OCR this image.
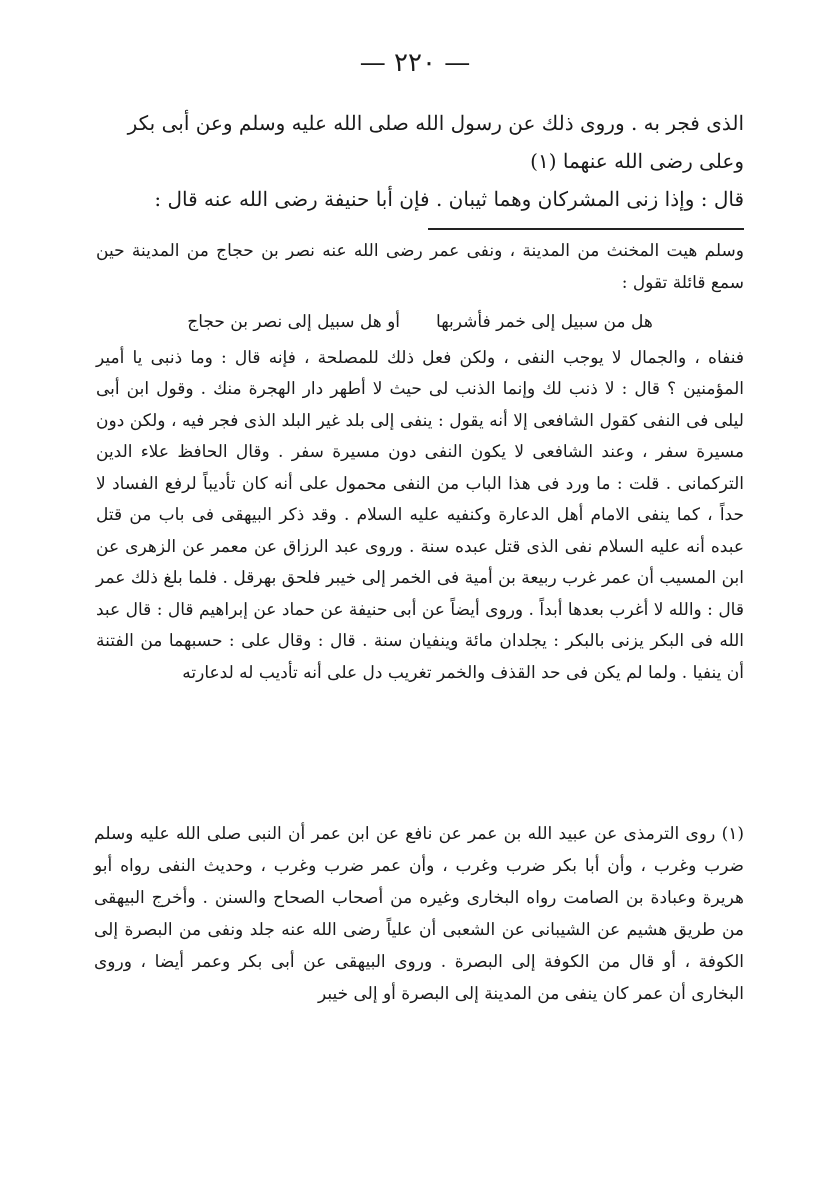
— ٢٢٠ —

الذى فجر به . وروى ذلك عن رسول الله صلى الله عليه وسلم وعن أبى بكر

وعلى رضى الله عنهما (١)

قال : وإذا زنى المشركان وهما ثيبان . فإن أبا حنيفة رضى الله عنه قال :

وسلم هيت المخنث من المدينة ، ونفى عمر رضى الله عنه نصر بن حجاج من المدينة حين سمع قائلة تقول :

هل من سبيل إلى خمر فأشربها
أو هل سبيل إلى نصر بن حجاج

فنفاه ، والجمال لا يوجب النفى ، ولكن فعل ذلك للمصلحة ، فإنه قال : وما ذنبى يا أمير المؤمنين ؟ قال : لا ذنب لك وإنما الذنب لى حيث لا أطهر دار الهجرة منك . وقول ابن أبى ليلى فى النفى كقول الشافعى إلا أنه يقول : ينفى إلى بلد غير البلد الذى فجر فيه ، ولكن دون مسيرة سفر ، وعند الشافعى لا يكون النفى دون مسيرة سفر . وقال الحافظ علاء الدين التركمانى . قلت : ما ورد فى هذا الباب من النفى محمول على أنه كان تأديباً لرفع الفساد لا حداً ، كما ينفى الامام أهل الدعارة وكنفيه عليه السلام . وقد ذكر البيهقى فى باب من قتل عبده أنه عليه السلام نفى الذى قتل عبده سنة . وروى عبد الرزاق عن معمر عن الزهرى عن ابن المسيب أن عمر غرب ربيعة بن أمية فى الخمر إلى خيبر فلحق بهرقل . فلما بلغ ذلك عمر قال : والله لا أغرب بعدها أبداً . وروى أيضاً عن أبى حنيفة عن حماد عن إبراهيم قال : قال عبد الله فى البكر يزنى بالبكر : يجلدان مائة وينفيان سنة . قال : وقال على : حسبهما من الفتنة أن ينفيا . ولما لم يكن فى حد القذف والخمر تغريب دل على أنه تأديب له لدعارته

(١) روى الترمذى عن عبيد الله بن عمر عن نافع عن ابن عمر أن النبى صلى الله عليه وسلم ضرب وغرب ، وأن أبا بكر ضرب وغرب ، وأن عمر ضرب وغرب ، وحديث النفى رواه أبو هريرة وعبادة بن الصامت رواه البخارى وغيره من أصحاب الصحاح والسنن . وأخرج البيهقى من طريق هشيم عن الشيبانى عن الشعبى أن علياً رضى الله عنه جلد ونفى من البصرة إلى الكوفة ، أو قال من الكوفة إلى البصرة . وروى البيهقى عن أبى بكر وعمر أيضا ، وروى البخارى أن عمر كان ينفى من المدينة إلى البصرة أو إلى خيبر
